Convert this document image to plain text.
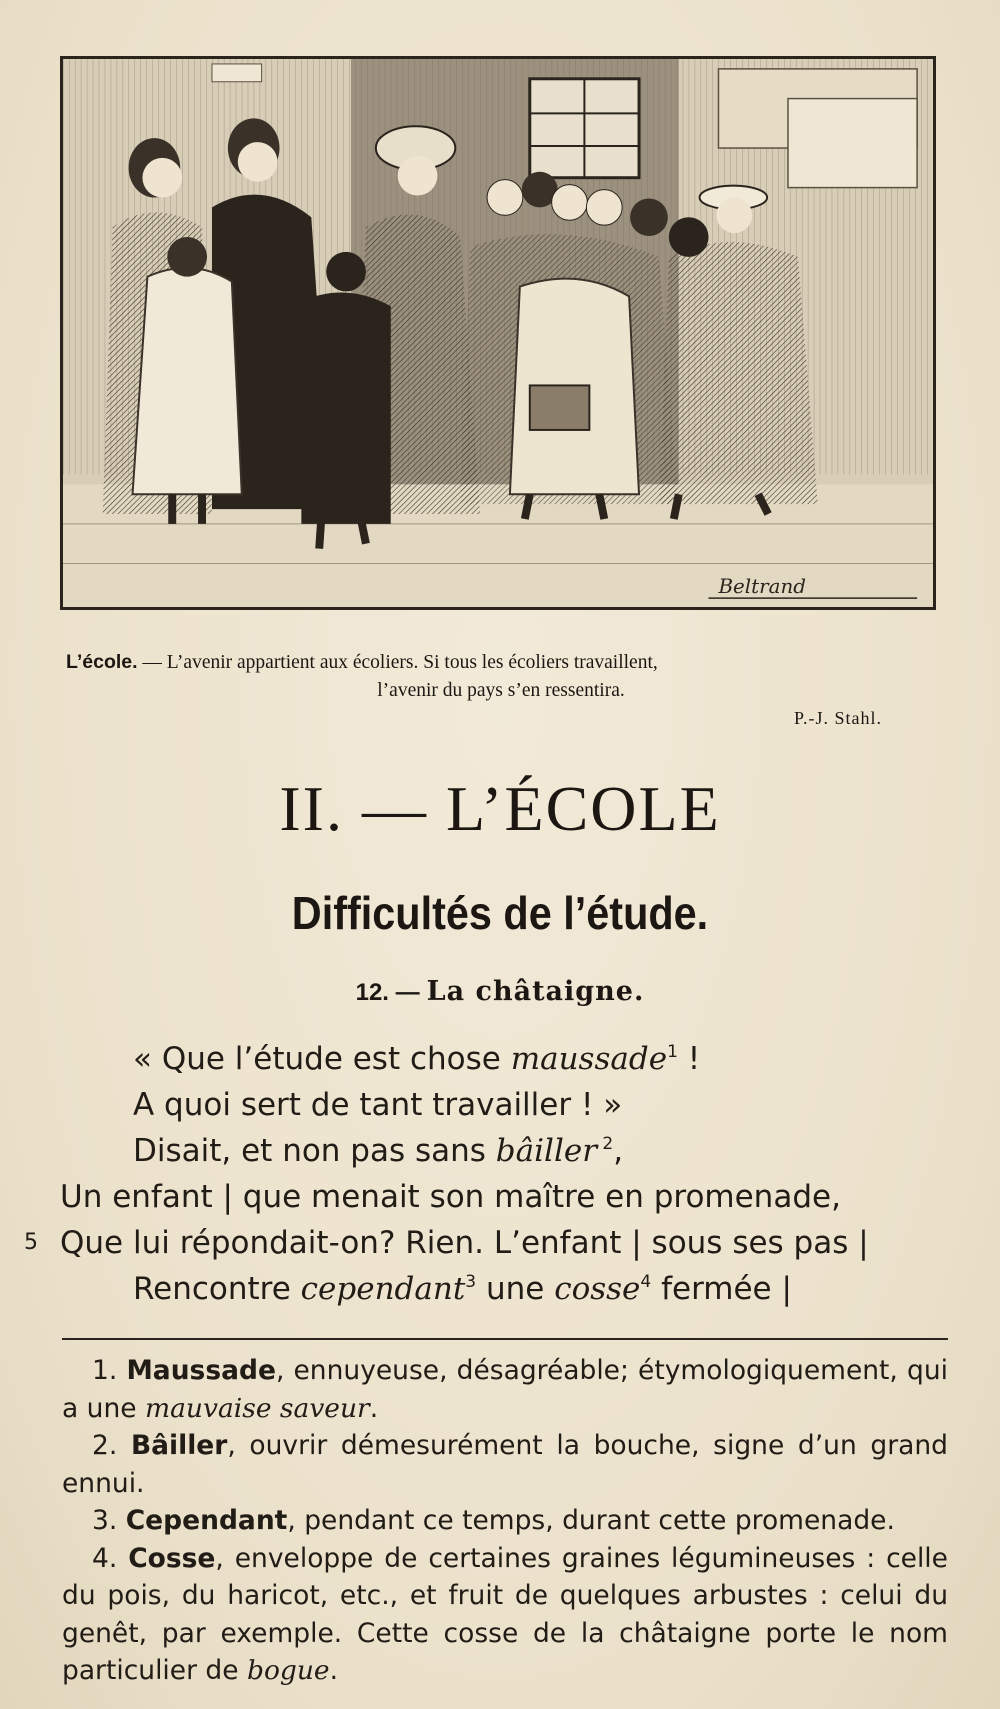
Beltrand
L’école. — L’avenir appartient aux écoliers. Si tous les écoliers travaillent,
l’avenir du pays s’en ressentira.
P.-J. Stahl.
II. — L’ÉCOLE
Difficultés de l’étude.
12. — La châtaigne.
« Que l’étude est chose maussade$^1$ !
A quoi sert de tant travailler ! »
Disait, et non pas sans bâiller $^2$,
Un enfant | que menait son maître en promenade,
5 Que lui répondait-on? Rien. L’enfant | sous ses pas |
Rencontre cependant$^3$ une cosse$^4$ fermée |

1. Maussade, ennuyeuse, désagréable; étymologiquement, qui a une mauvaise saveur.

2. Bâiller, ouvrir démesurément la bouche, signe d’un grand ennui.

3. Cependant, pendant ce temps, durant cette promenade.

4. Cosse, enveloppe de certaines graines légumineuses : celle du pois, du haricot, etc., et fruit de quelques arbustes : celui du genêt, par exemple. Cette cosse de la châtaigne porte le nom particulier de bogue.
